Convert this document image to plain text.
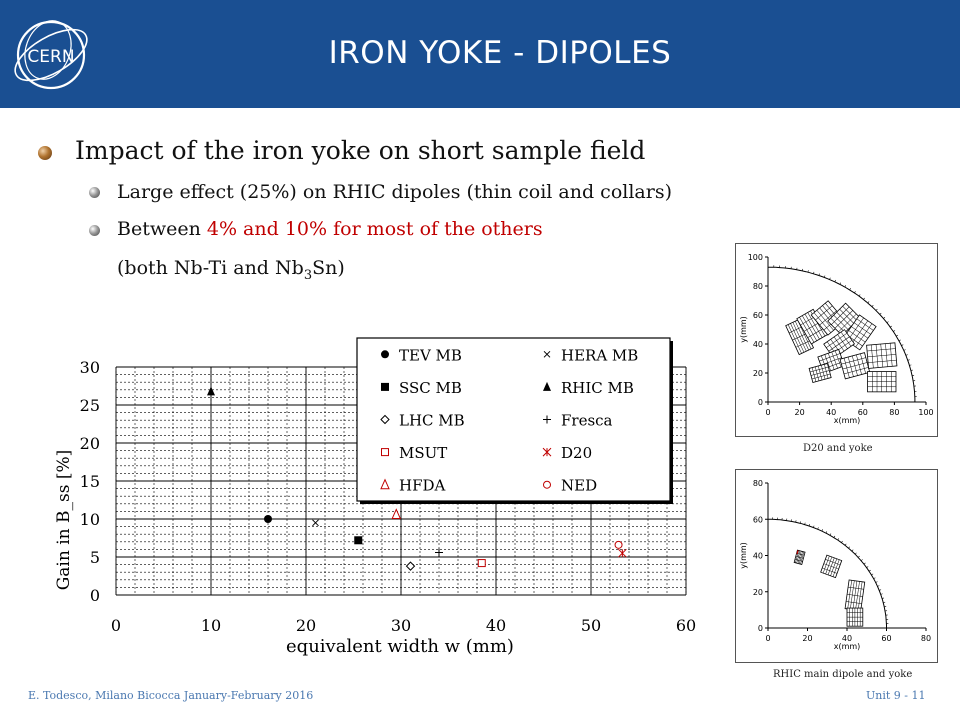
CERN	IRON YOKE - DIPOLES
Impact of the iron yoke on short sample field
Large effect (25%) on RHIC dipoles (thin coil and collars)
Between 4% and 10% for most of the others
(both Nb-Ti and $Nb_3Sn$)
0
5
10
15
20
25
30
0	10	20	30	40	50	60
TEV MB	HERA MB
SSC MB	RHIC MB
LHC MB	Fresca
MSUT	D20
HFDA	NED
equivalent width w (mm)
Gain in B_ss [%]
0	20	40	60	80 100
0
20
40
60
80
100
x(mm)
y(mm)
D20 and yoke
0	20	40	60	80
0
20
40
60
80
x(mm)
y(mm)
RHIC main dipole and yoke
E. Todesco, Milano Bicocca January-February 2016	Unit 9 - 11
